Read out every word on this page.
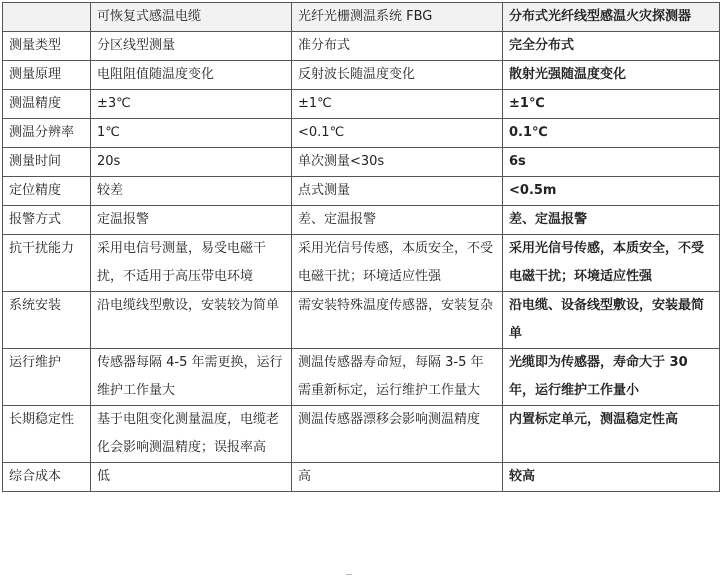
	可恢复式感温电缆	光纤光栅测温系统 FBG	分布式光纤线型感温火灾探测器
测量类型	分区线型测量	准分布式	完全分布式
测量原理	电阻阻值随温度变化	反射波长随温度变化	散射光强随温度变化
测温精度	±3℃	±1℃	±1℃
测温分辨率	1℃	<0.1℃	0.1℃
测量时间	20s	单次测量<30s	6s
定位精度	较差	点式测量	<0.5m
报警方式	定温报警	差、定温报警	差、定温报警
抗干扰能力	采用电信号测量，易受电磁干扰，不适用于高压带电环境	采用光信号传感，本质安全，不受电磁干扰；环境适应性强	采用光信号传感，本质安全，不受电磁干扰；环境适应性强
系统安装	沿电缆线型敷设，安装较为简单	需安装特殊温度传感器，安装复杂	沿电缆、设备线型敷设，安装最简单
运行维护	传感器每隔 4-5 年需更换，运行维护工作量大	测温传感器寿命短，每隔 3-5 年需重新标定，运行维护工作量大	光缆即为传感器，寿命大于 30 年，运行维护工作量小
长期稳定性	基于电阻变化测量温度，电缆老化会影响测温精度；误报率高	测温传感器漂移会影响测温精度	内置标定单元，测温稳定性高
综合成本	低	高	较高
